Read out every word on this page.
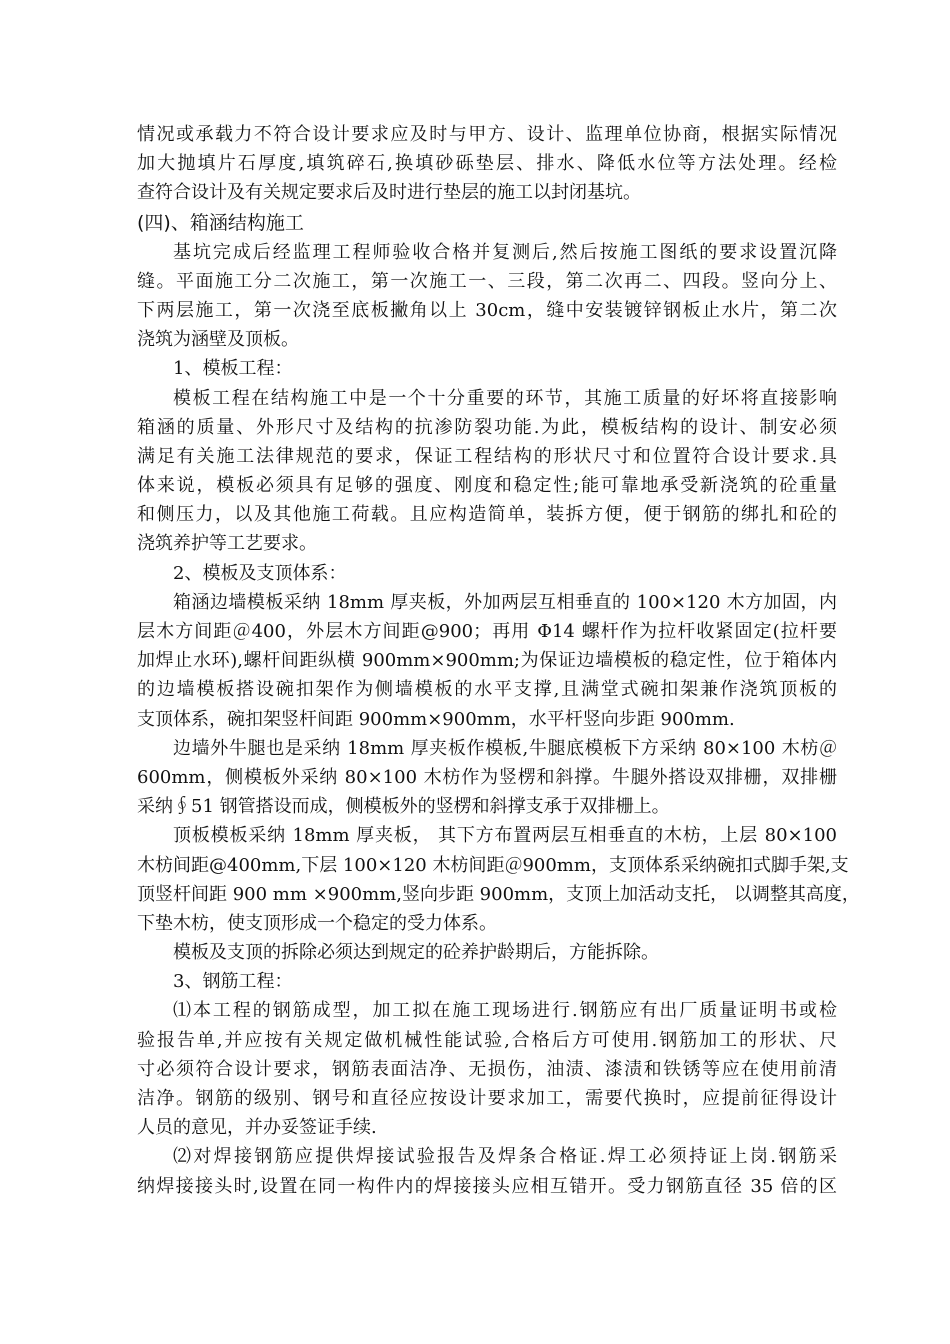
情况或承载力不符合设计要求应及时与甲方、设计、监理单位协商，根据实际情况
加大抛填片石厚度,填筑碎石,换填砂砾垫层、排水、降低水位等方法处理。经检
查符合设计及有关规定要求后及时进行垫层的施工以封闭基坑。
(四)、箱涵结构施工
基坑完成后经监理工程师验收合格并复测后,然后按施工图纸的要求设置沉降
缝。平面施工分二次施工，第一次施工一、三段，第二次再二、四段。竖向分上、
下两层施工，第一次浇至底板撇角以上 30cm，缝中安装镀锌钢板止水片，第二次
浇筑为涵壁及顶板。
1、模板工程：
模板工程在结构施工中是一个十分重要的环节，其施工质量的好坏将直接影响
箱涵的质量、外形尺寸及结构的抗渗防裂功能.为此，模板结构的设计、制安必须
满足有关施工法律规范的要求，保证工程结构的形状尺寸和位置符合设计要求.具
体来说，模板必须具有足够的强度、刚度和稳定性;能可靠地承受新浇筑的砼重量
和侧压力，以及其他施工荷载。且应构造简单，装拆方便，便于钢筋的绑扎和砼的
浇筑养护等工艺要求。
2、模板及支顶体系：
箱涵边墙模板采纳 18mm 厚夹板，外加两层互相垂直的 100×120 木方加固，内
层木方间距＠400，外层木方间距@900；再用 Φ14 螺杆作为拉杆收紧固定(拉杆要
加焊止水环),螺杆间距纵横 900mm×900mm;为保证边墙模板的稳定性，位于箱体内
的边墙模板搭设碗扣架作为侧墙模板的水平支撑,且满堂式碗扣架兼作浇筑顶板的
支顶体系，碗扣架竖杆间距 900mm×900mm，水平杆竖向步距 900mm.
边墙外牛腿也是采纳 18mm 厚夹板作模板,牛腿底模板下方采纳 80×100 木枋＠
600mm，侧模板外采纳 80×100 木枋作为竖楞和斜撑。牛腿外搭设双排栅，双排栅
采纳∮51 钢管搭设而成，侧模板外的竖楞和斜撑支承于双排栅上。
顶板模板采纳 18mm 厚夹板， 其下方布置两层互相垂直的木枋，上层 80×100
木枋间距@400mm,下层 100×120 木枋间距＠900mm，支顶体系采纳碗扣式脚手架,支
顶竖杆间距 900 mm ×900mm,竖向步距 900mm，支顶上加活动支托， 以调整其高度，
下垫木枋，使支顶形成一个稳定的受力体系。
模板及支顶的拆除必须达到规定的砼养护龄期后，方能拆除。
3、钢筋工程：
⑴本工程的钢筋成型，加工拟在施工现场进行.钢筋应有出厂质量证明书或检
验报告单,并应按有关规定做机械性能试验,合格后方可使用.钢筋加工的形状、尺
寸必须符合设计要求，钢筋表面洁净、无损伤，油渍、漆渍和铁锈等应在使用前清
洁净。钢筋的级别、钢号和直径应按设计要求加工，需要代换时，应提前征得设计
人员的意见，并办妥签证手续.
⑵对焊接钢筋应提供焊接试验报告及焊条合格证.焊工必须持证上岗.钢筋采
纳焊接接头时,设置在同一构件内的焊接接头应相互错开。受力钢筋直径 35 倍的区
